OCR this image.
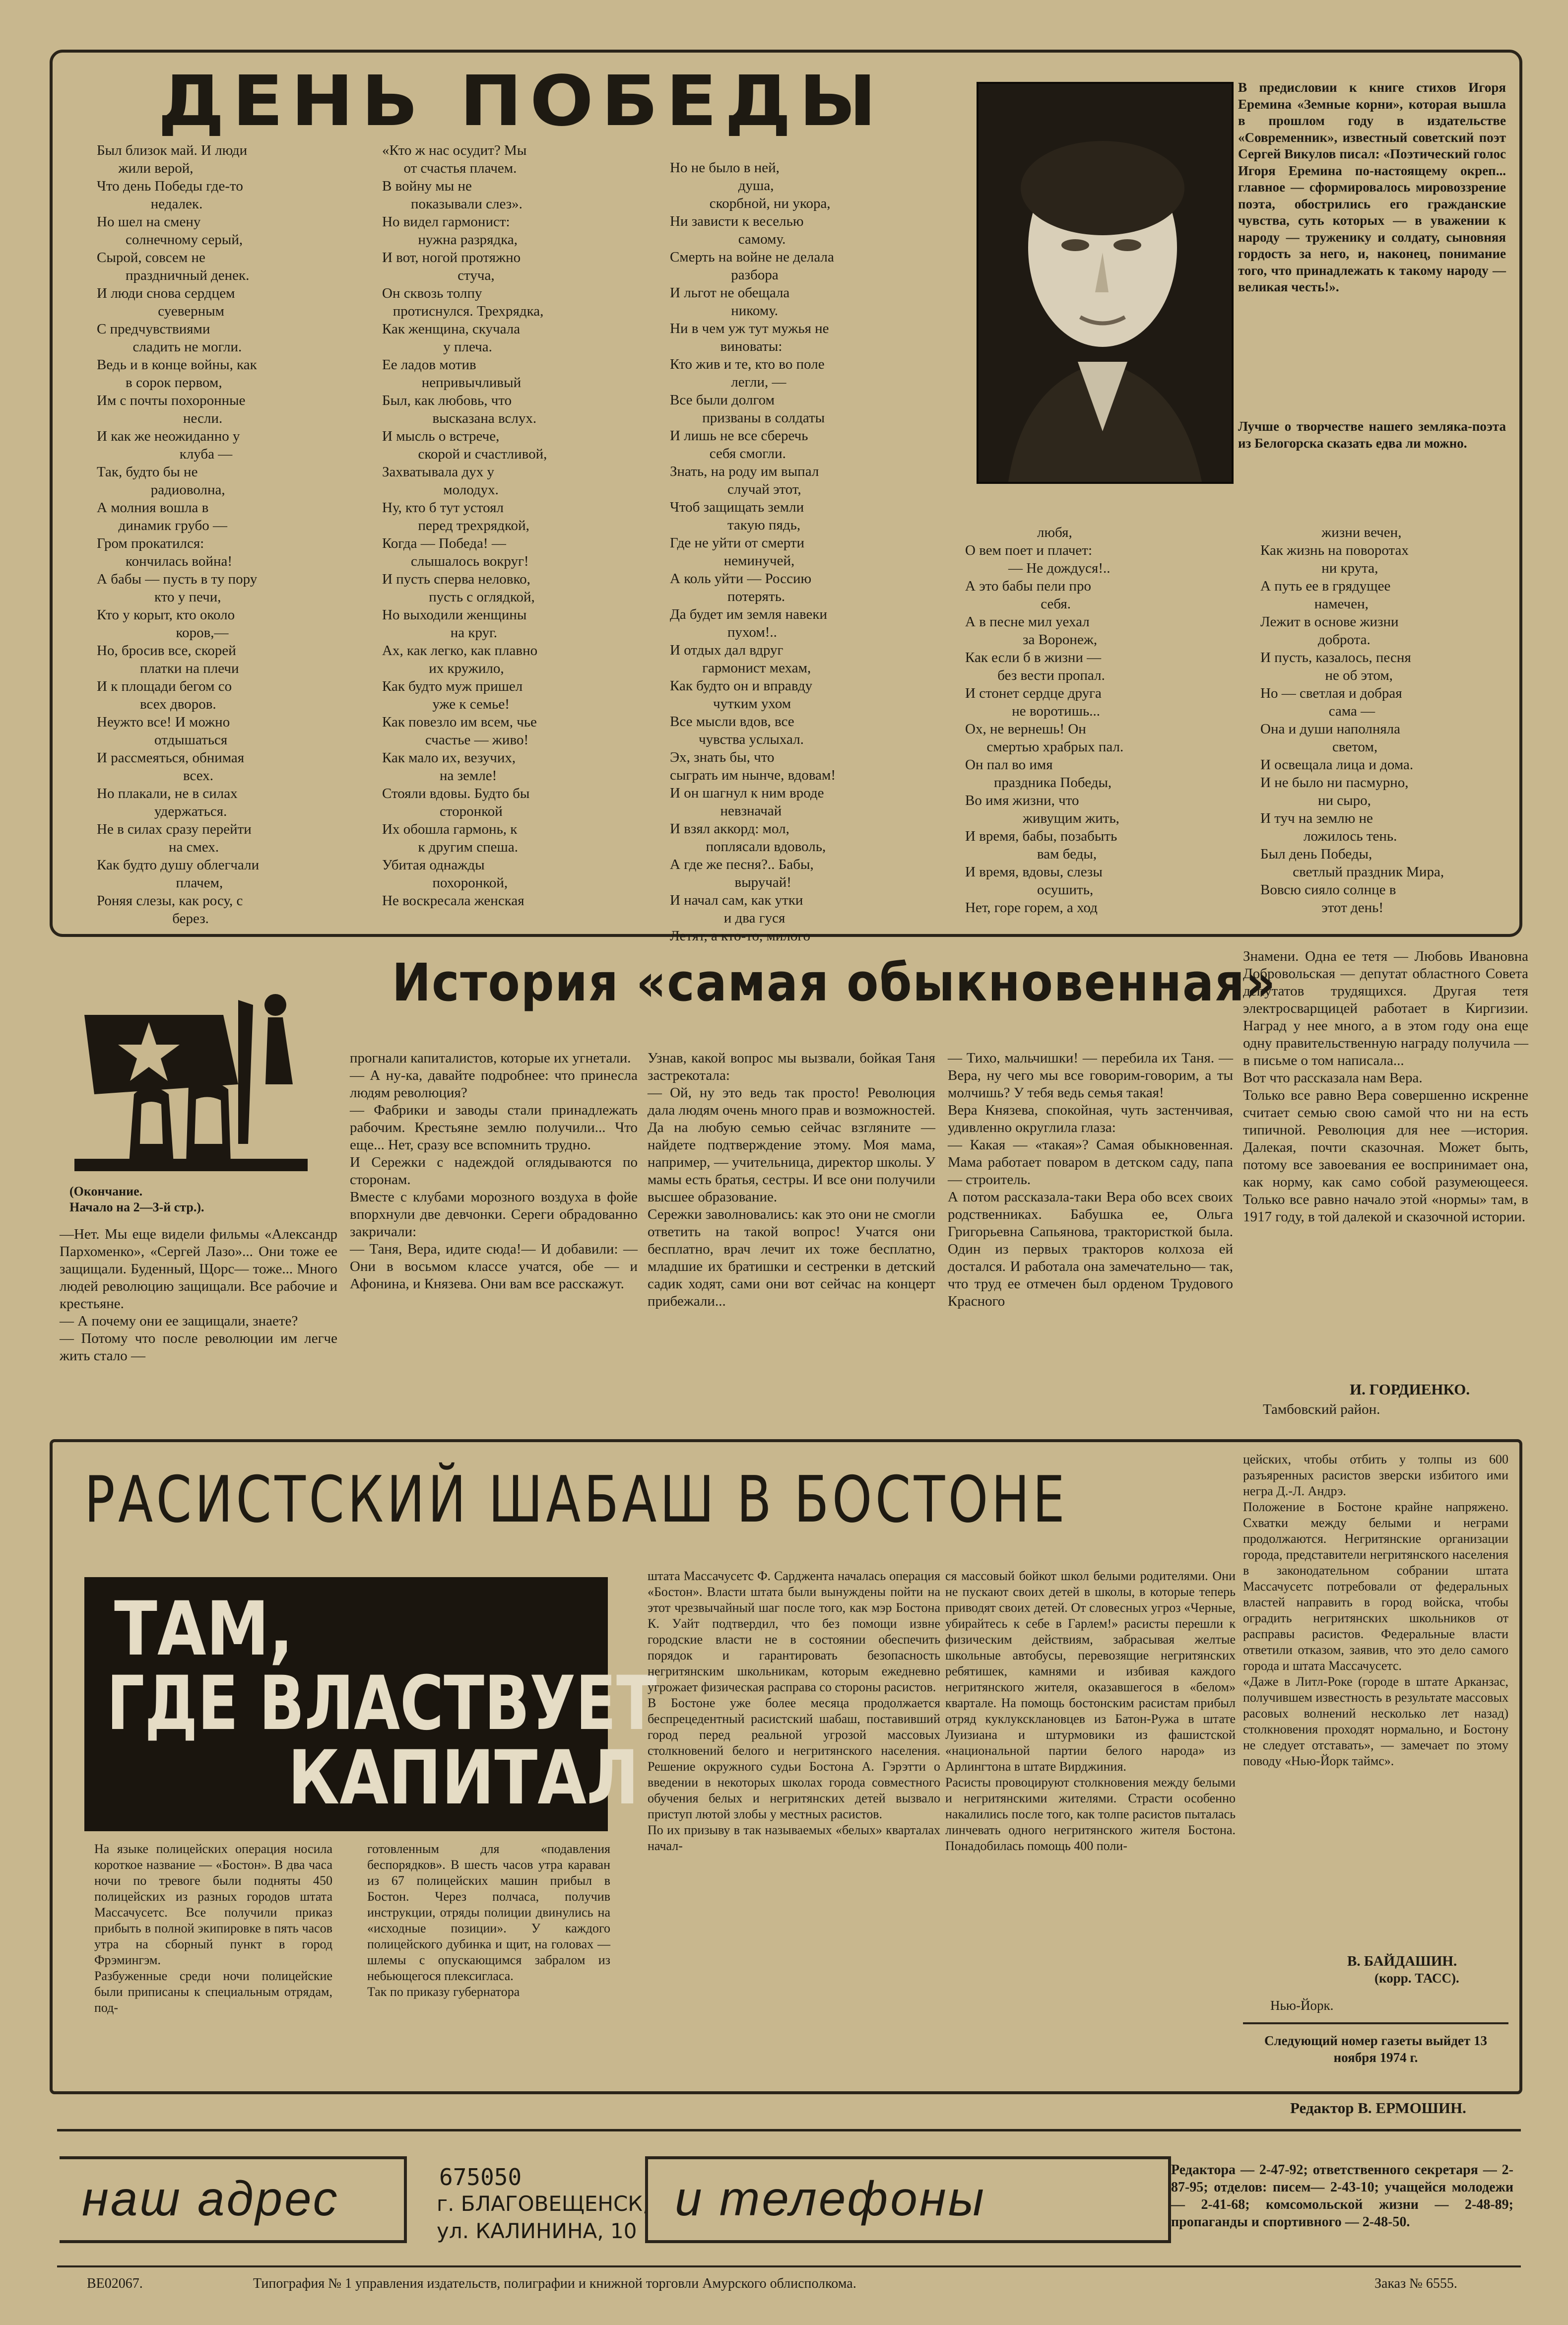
ДЕНЬ ПОБЕДЫ
Был близок май. И люди
жили верой,
Что день Победы где-то
недалек.
Но шел на смену
солнечному серый,
Сырой, совсем не
праздничный денек.
И люди снова сердцем
суеверным
С предчувствиями
сладить не могли.
Ведь и в конце войны, как
в сорок первом,
Им с почты похоронные
несли.
И как же неожиданно у
клуба —
Так, будто бы не
радиоволна,
А молния вошла в
динамик грубо —
Гром прокатился:
кончилась война!
А бабы — пусть в ту пору
кто у печи,
Кто у корыт, кто около
коров,—
Но, бросив все, скорей
платки на плечи
И к площади бегом со
всех дворов.
Неужто все! И можно
отдышаться
И рассмеяться, обнимая
всех.
Но плакали, не в силах
удержаться.
Не в силах сразу перейти
на смех.
Как будто душу облегчали
плачем,
Роняя слезы, как росу, с
берез.
«Кто ж нас осудит? Мы
от счастья плачем.
В войну мы не
показывали слез».
Но видел гармонист:
нужна разрядка,
И вот, ногой протяжно
стуча,
Он сквозь толпу
протиснулся. Трехрядка,
Как женщина, скучала
у плеча.
Ее ладов мотив
непривычливый
Был, как любовь, что
высказана вслух.
И мысль о встрече,
скорой и счастливой,
Захватывала дух у
молодух.
Ну, кто б тут устоял
перед трехрядкой,
Когда — Победа! —
слышалось вокруг!
И пусть сперва неловко,
пусть с оглядкой,
Но выходили женщины
на круг.
Ах, как легко, как плавно
их кружило,
Как будто муж пришел
уже к семье!
Как повезло им всем, чье
счастье — живо!
Как мало их, везучих,
на земле!
Стояли вдовы. Будто бы
сторонкой
Их обошла гармонь, к
к другим спеша.
Убитая однажды
похоронкой,
Не воскресала женская
Но не было в ней,
душа,
скорбной, ни укора,
Ни зависти к веселью
самому.
Смерть на войне не делала
разбора
И льгот не обещала
никому.
Ни в чем уж тут мужья не
виноваты:
Кто жив и те, кто во поле
легли, —
Все были долгом
призваны в солдаты
И лишь не все сберечь
себя смогли.
Знать, на роду им выпал
случай этот,
Чтоб защищать земли
такую пядь,
Где не уйти от смерти
неминучей,
А коль уйти — Россию
потерять.
Да будет им земля навеки
пухом!..
И отдых дал вдруг
гармонист мехам,
Как будто он и вправду
чутким ухом
Все мысли вдов, все
чувства услыхал.
Эх, знать бы, что
сыграть им нынче, вдовам!
И он шагнул к ним вроде
невзначай
И взял аккорд: мол,
поплясали вдоволь,
А где же песня?.. Бабы,
выручай!
И начал сам, как утки
и два гуся
Летят, а кто-то, милого
В предисловии к книге стихов Игоря Еремина «Земные корни», которая вышла в прошлом году в издательстве «Современник», известный советский поэт Сергей Викулов писал: «Поэтический голос Игоря Еремина по-настоящему окреп... главное — сформировалось мировоззрение поэта, обострились его гражданские чувства, суть которых — в уважении к народу — труженику и солдату, сыновняя гордость за него, и, наконец, понимание того, что принадлежать к такому народу — великая честь!».
Лучше о творчестве нашего земляка-поэта из Белогорска сказать едва ли можно.
любя,
О вем поет и плачет:
— Не дождуся!..
А это бабы пели про
себя.
А в песне мил уехал
за Воронеж,
Как если б в жизни —
без вести пропал.
И стонет сердце друга
не воротишь...
Ох, не вернешь! Он
смертью храбрых пал.
Он пал во имя
праздника Победы,
Во имя жизни, что
живущим жить,
И время, бабы, позабыть
вам беды,
И время, вдовы, слезы
осушить,
Нет, горе горем, а ход
жизни вечен,
Как жизнь на поворотах
ни крута,
А путь ее в грядущее
намечен,
Лежит в основе жизни
доброта.
И пусть, казалось, песня
не об этом,
Но — светлая и добрая
сама —
Она и души наполняла
светом,
И освещала лица и дома.
И не было ни пасмурно,
ни сыро,
И туч на землю не
ложилось тень.
Был день Победы,
светлый праздник Мира,
Вовсю сияло солнце в
этот день!
История «самая обыкновенная»
(Окончание.
Начало на 2—3-й стр.).
—Нет. Мы еще видели фильмы «Александр Пархоменко», «Сергей Лазо»... Они тоже ее защищали. Буденный, Щорс— тоже... Много людей революцию защищали. Все рабочие и крестьяне.
— А почему они ее защищали, знаете?
— Потому что после революции им легче жить стало —
прогнали капиталистов, которые их угнетали.
— А ну-ка, давайте подробнее: что принесла людям революция?
— Фабрики и заводы стали принадлежать рабочим. Крестьяне землю получили... Что еще... Нет, сразу все вспомнить трудно.
И Сережки с надеждой оглядываются по сторонам.
Вместе с клубами морозного воздуха в фойе впорхнули две девчонки. Сереги обрадованно закричали:
— Таня, Вера, идите сюда!— И добавили: — Они в восьмом классе учатся, обе — и Афонина, и Князева. Они вам все расскажут.
Узнав, какой вопрос мы вызвали, бойкая Таня застрекотала:
— Ой, ну это ведь так просто! Революция дала людям очень много прав и возможностей. Да на любую семью сейчас взгляните — найдете подтверждение этому. Моя мама, например, — учительница, директор школы. У мамы есть братья, сестры. И все они получили высшее образование.
Сережки заволновались: как это они не смогли ответить на такой вопрос! Учатся они бесплатно, врач лечит их тоже бесплатно, младшие их братишки и сестренки в детский садик ходят, сами они вот сейчас на концерт прибежали...
— Тихо, мальчишки! — перебила их Таня. — Вера, ну чего мы все говорим-говорим, а ты молчишь? У тебя ведь семья такая!
Вера Князева, спокойная, чуть застенчивая, удивленно округлила глаза:
— Какая — «такая»? Самая обыкновенная. Мама работает поваром в детском саду, папа— строитель.
А потом рассказала-таки Вера обо всех своих родственниках. Бабушка ее, Ольга Григорьевна Сапьянова, трактористкой была. Один из первых тракторов колхоза ей достался. И работала она замечательно— так, что труд ее отмечен был орденом Трудового Красного
Знамени. Одна ее тетя — Любовь Ивановна Добровольская — депутат областного Совета депутатов трудящихся. Другая тетя электросварщицей работает в Киргизии. Наград у нее много, а в этом году она еще одну правительственную награду получила — в письме о том написала...
Вот что рассказала нам Вера.
Только все равно Вера совершенно искренне считает семью свою самой что ни на есть типичной. Революция для нее —история. Далекая, почти сказочная. Может быть, потому все завоевания ее воспринимает она, как норму, как само собой разумеющееся. Только все равно начало этой «нормы» там, в 1917 году, в той далекой и сказочной истории.
И. ГОРДИЕНКО.
Тамбовский район.
РАСИСТСКИЙ ШАБАШ В БОСТОНЕ
ТАМ,
ГДЕ ВЛАСТВУЕТ
КАПИТАЛ
На языке полицейских операция носила короткое название — «Бостон». В два часа ночи по тревоге были подняты 450 полицейских из разных городов штата Массачусетс. Все получили приказ прибыть в полной экипировке в пять часов утра на сборный пункт в город Фрэмингэм.
Разбуженные среди ночи полицейские были приписаны к специальным отрядам, под-
готовленным для «подавления беспорядков». В шесть часов утра караван из 67 полицейских машин прибыл в Бостон. Через полчаса, получив инструкции, отряды полиции двинулись на «исходные позиции». У каждого полицейского дубинка и щит, на головах — шлемы с опускающимся забралом из небьющегося плексигласа.
Так по приказу губернатора
штата Массачусетс Ф. Сарджента началась операция «Бостон». Власти штата были вынуждены пойти на этот чрезвычайный шаг после того, как мэр Бостона К. Уайт подтвердил, что без помощи извне городские власти не в состоянии обеспечить порядок и гарантировать безопасность негритянским школьникам, которым ежедневно угрожает физическая расправа со стороны расистов.
В Бостоне уже более месяца продолжается беспрецедентный расистский шабаш, поставивший город перед реальной угрозой массовых столкновений белого и негритянского населения. Решение окружного судьи Бостона А. Гэрэтти о введении в некоторых школах города совместного обучения белых и негритянских детей вызвало приступ лютой злобы у местных расистов.
По их призыву в так называемых «белых» кварталах начал-
ся массовый бойкот школ белыми родителями. Они не пускают своих детей в школы, в которые теперь приводят своих детей. От словесных угроз «Черные, убирайтесь к себе в Гарлем!» расисты перешли к физическим действиям, забрасывая желтые школьные автобусы, перевозящие негритянских ребятишек, камнями и избивая каждого негритянского жителя, оказавшегося в «белом» квартале. На помощь бостонским расистам прибыл отряд куклуксклановцев из Батон-Ружа в штате Луизиана и штурмовики из фашистской «национальной партии белого народа» из Арлингтона в штате Вирджиния.
Расисты провоцируют столкновения между белыми и негритянскими жителями. Страсти особенно накалились после того, как толпе расистов пыталась линчевать одного негритянского жителя Бостона. Понадобилась помощь 400 поли-
цейских, чтобы отбить у толпы из 600 разъяренных расистов зверски избитого ими негра Д.-Л. Андрэ.
Положение в Бостоне крайне напряжено. Схватки между белыми и неграми продолжаются. Негритянские организации города, представители негритянского населения в законодательном собрании штата Массачусетс потребовали от федеральных властей направить в город войска, чтобы оградить негритянских школьников от расправы расистов. Федеральные власти ответили отказом, заявив, что это дело самого города и штата Массачусетс.
«Даже в Литл-Роке (городе в штате Арканзас, получившем известность в результате массовых расовых волнений несколько лет назад) столкновения проходят нормально, и Бостону не следует отставать», — замечает по этому поводу «Нью-Йорк таймс».
В. БАЙДАШИН.
(корр. ТАСС).
Нью-Йорк.
Следующий номер газеты выйдет 13 ноября 1974 г.
Редактор В. ЕРМОШИН.
наш адрес	675050
г. БЛАГОВЕЩЕНСК,
ул. КАЛИНИНА, 10
и телефоны
Редактора — 2-47-92; ответственного секретаря — 2-87-95; отделов: писем— 2-43-10; учащейся молодежи — 2-41-68; комсомольской жизни — 2-48-89; пропаганды и спортивного — 2-48-50.
ВЕ02067.	Типография № 1 управления издательств, полиграфии и книжной торговли Амурского облисполкома.	Заказ № 6555.
